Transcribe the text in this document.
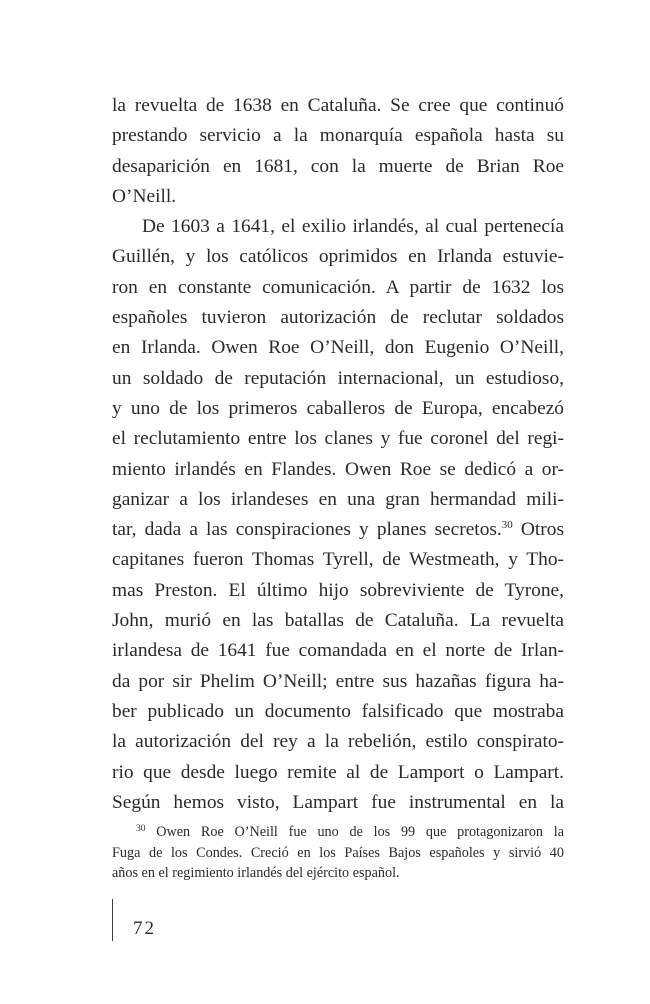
la revuelta de 1638 en Cataluña. Se cree que continuó
prestando servicio a la monarquía española hasta su
desaparición en 1681, con la muerte de Brian Roe
O’Neill.

De 1603 a 1641, el exilio irlandés, al cual pertenecía
Guillén, y los católicos oprimidos en Irlanda estuvie-
ron en constante comunicación. A partir de 1632 los
españoles tuvieron autorización de reclutar soldados
en Irlanda. Owen Roe O’Neill, don Eugenio O’Neill,
un soldado de reputación internacional, un estudioso,
y uno de los primeros caballeros de Europa, encabezó
el reclutamiento entre los clanes y fue coronel del regi-
miento irlandés en Flandes. Owen Roe se dedicó a or-
ganizar a los irlandeses en una gran hermandad mili-
tar, dada a las conspiraciones y planes secretos.$^{30}$ Otros
capitanes fueron Thomas Tyrell, de Westmeath, y Tho-
mas Preston. El último hijo sobreviviente de Tyrone,
John, murió en las batallas de Cataluña. La revuelta
irlandesa de 1641 fue comandada en el norte de Irlan-
da por sir Phelim O’Neill; entre sus hazañas figura ha-
ber publicado un documento falsificado que mostraba
la autorización del rey a la rebelión, estilo conspirato-
rio que desde luego remite al de Lamport o Lampart.
Según hemos visto, Lampart fue instrumental en la

$^{30}$ Owen Roe O’Neill fue uno de los 99 que protagonizaron la
Fuga de los Condes. Creció en los Países Bajos españoles y sirvió 40
años en el regimiento irlandés del ejército español.
72
